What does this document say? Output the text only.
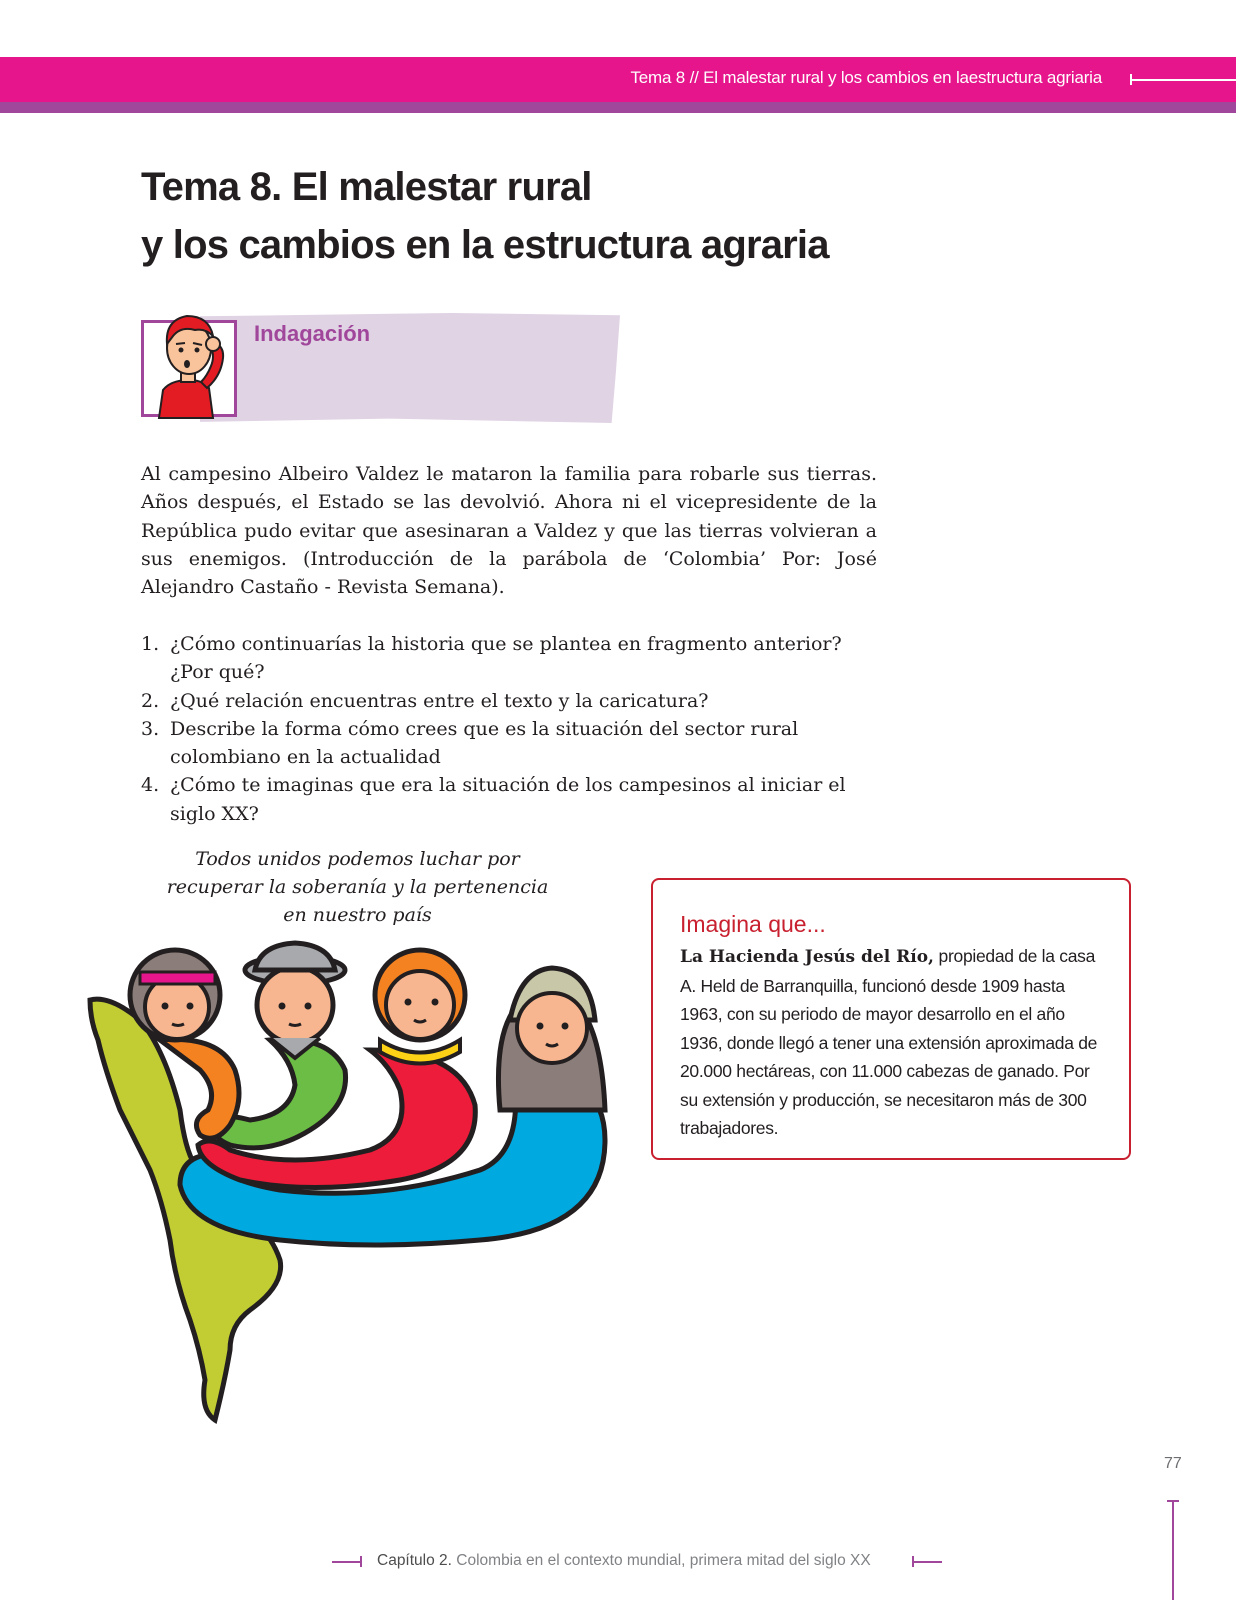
Tema 8 // El malestar rural y los cambios en laestructura agriaria
Tema 8. El malestar rural
y los cambios en la estructura agraria
Indagación

Al campesino Albeiro Valdez le mataron la familia para robarle sus tierras. Años después, el Estado se las devolvió. Ahora ni el vicepresidente de la República pudo evitar que asesinaran a Valdez y que las tierras volvieran a sus enemigos. (Introducción de la parábola de ‘Colombia’ Por: José Alejandro Castaño - Revista Semana).

1. ¿Cómo continuarías la historia que se plantea en fragmento anterior? ¿Por qué?
2. ¿Qué relación encuentras entre el texto y la caricatura?
3. Describe la forma cómo crees que es la situación del sector rural colombiano en la actualidad
4. ¿Cómo te imaginas que era la situación de los campesinos al iniciar el siglo XX?

Todos unidos podemos luchar por
recuperar la soberanía y la pertenencia
en nuestro país	Imagina que...

La Hacienda Jesús del Río, propiedad de la casa A. Held de Barranquilla, funcionó desde 1909 hasta 1963, con su periodo de mayor desarrollo en el año 1936, donde llegó a tener una extensión aproximada de 20.000 hectáreas, con 11.000 cabezas de ganado. Por su extensión y producción, se necesitaron más de 300 trabajadores.

77
Capítulo 2. Colombia en el contexto mundial, primera mitad del siglo XX
